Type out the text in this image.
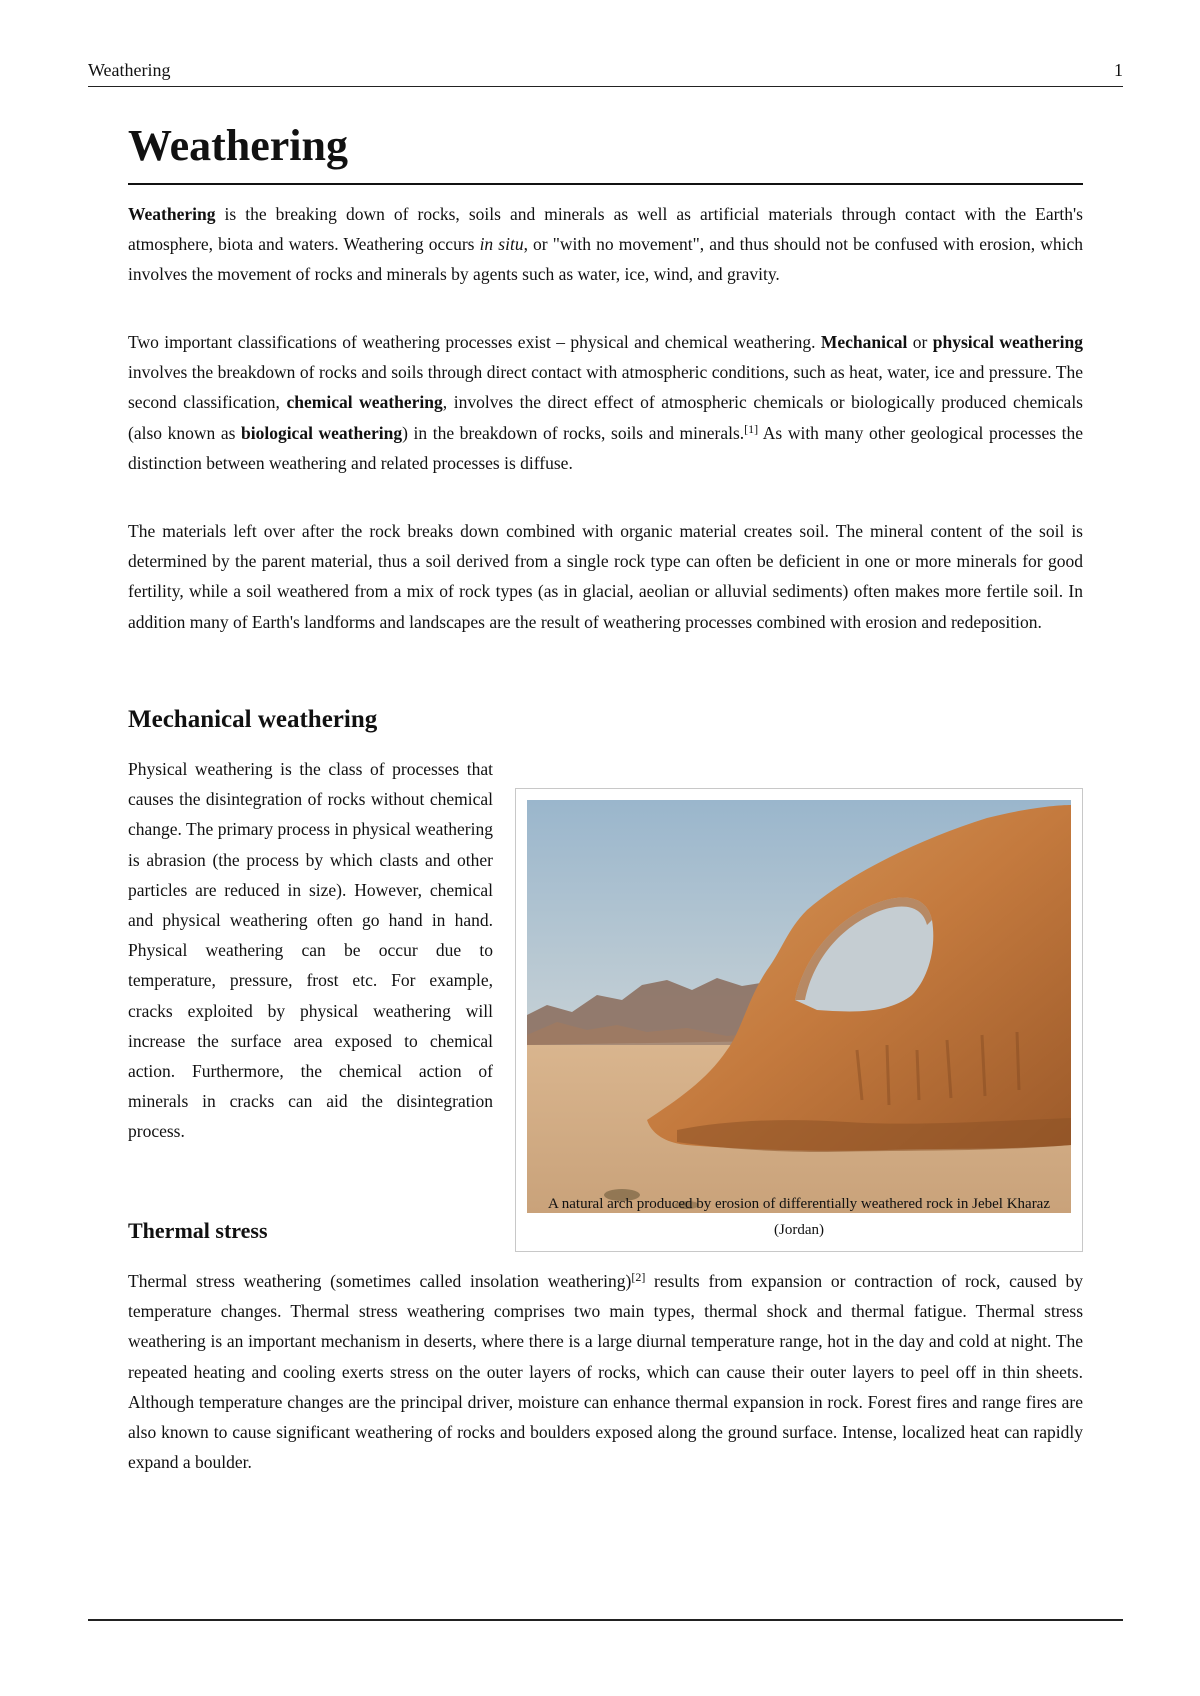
Weathering	1
Weathering

Weathering is the breaking down of rocks, soils and minerals as well as artificial materials through contact with the Earth's atmosphere, biota and waters. Weathering occurs in situ, or "with no movement", and thus should not be confused with erosion, which involves the movement of rocks and minerals by agents such as water, ice, wind, and gravity.

Two important classifications of weathering processes exist – physical and chemical weathering. Mechanical or physical weathering involves the breakdown of rocks and soils through direct contact with atmospheric conditions, such as heat, water, ice and pressure. The second classification, chemical weathering, involves the direct effect of atmospheric chemicals or biologically produced chemicals (also known as biological weathering) in the breakdown of rocks, soils and minerals.[1] As with many other geological processes the distinction between weathering and related processes is diffuse.

The materials left over after the rock breaks down combined with organic material creates soil. The mineral content of the soil is determined by the parent material, thus a soil derived from a single rock type can often be deficient in one or more minerals for good fertility, while a soil weathered from a mix of rock types (as in glacial, aeolian or alluvial sediments) often makes more fertile soil. In addition many of Earth's landforms and landscapes are the result of weathering processes combined with erosion and redeposition.

Mechanical weathering

Physical weathering is the class of processes that causes the disintegration of rocks without chemical change. The primary process in physical weathering is abrasion (the process by which clasts and other particles are reduced in size). However, chemical and physical weathering often go hand in hand. Physical weathering can be occur due to temperature, pressure, frost etc. For example, cracks exploited by physical weathering will increase the surface area exposed to chemical action. Furthermore, the chemical action of minerals in cracks can aid the disintegration process.

A natural arch produced by erosion of differentially weathered rock in Jebel Kharaz (Jordan)

Thermal stress

Thermal stress weathering (sometimes called insolation weathering)[2] results from expansion or contraction of rock, caused by temperature changes. Thermal stress weathering comprises two main types, thermal shock and thermal fatigue. Thermal stress weathering is an important mechanism in deserts, where there is a large diurnal temperature range, hot in the day and cold at night. The repeated heating and cooling exerts stress on the outer layers of rocks, which can cause their outer layers to peel off in thin sheets. Although temperature changes are the principal driver, moisture can enhance thermal expansion in rock. Forest fires and range fires are also known to cause significant weathering of rocks and boulders exposed along the ground surface. Intense, localized heat can rapidly expand a boulder.
